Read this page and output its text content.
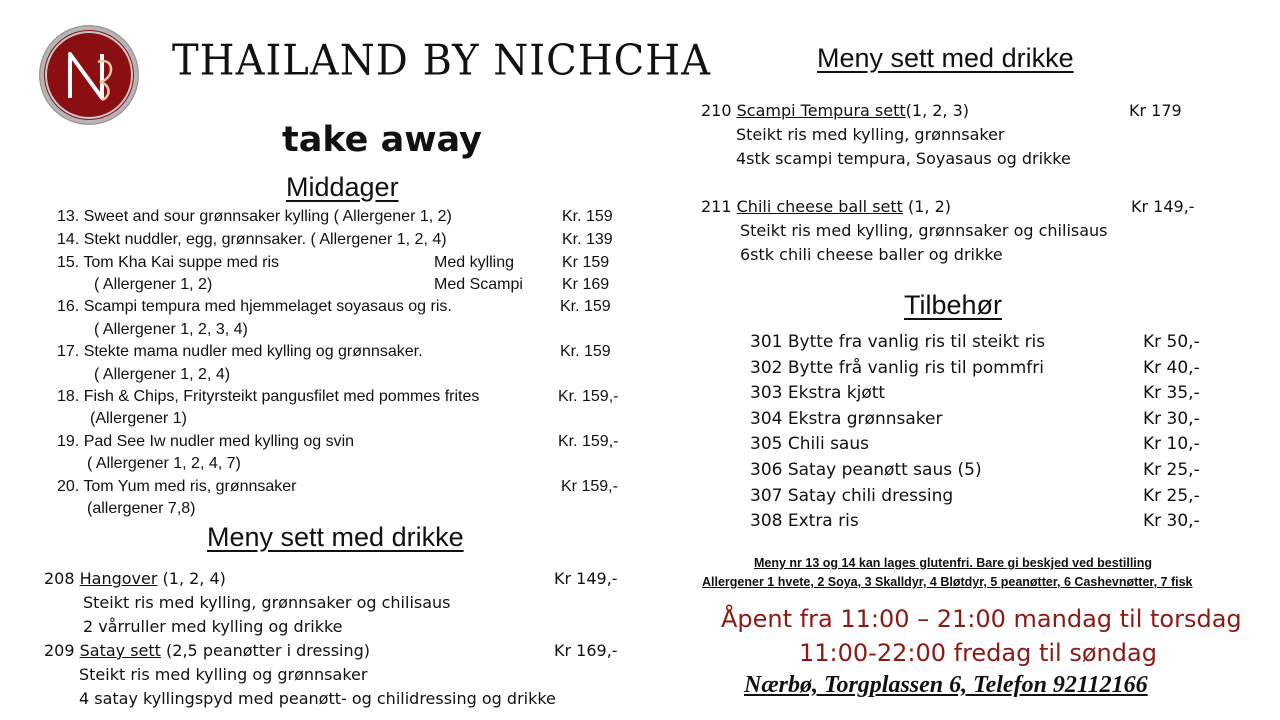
THAILAND BY NICHCHA
take away
Middager
13. Sweet and sour grønnsaker kylling ( Allergener 1, 2)	Kr. 159
14. Stekt nuddler, egg, grønnsaker. ( Allergener 1, 2, 4)	Kr. 139
15. Tom Kha Kai suppe med ris	Med kylling	Kr 159
( Allergener 1, 2)	Med Scampi Kr 169
16. Scampi tempura med hjemmelaget soyasaus og ris.	Kr. 159
( Allergener 1, 2, 3, 4)
17. Stekte mama nudler med kylling og grønnsaker.	Kr. 159
( Allergener 1, 2, 4)
18. Fish & Chips, Frityrsteikt pangusfilet med pommes frites	Kr. 159,-
(Allergener 1)
19. Pad See Iw nudler med kylling og svin	Kr. 159,-
( Allergener 1, 2, 4, 7)
20. Tom Yum med ris, grønnsaker	Kr 159,-
(allergener 7,8)
Meny sett med drikke
208 Hangover (1, 2, 4)	Kr 149,-
Steikt ris med kylling, grønnsaker og chilisaus
2 vårruller med kylling og drikke
209 Satay sett (2,5 peanøtter i dressing)	Kr 169,-
Steikt ris med kylling og grønnsaker
4 satay kyllingspyd med peanøtt- og chilidressing og drikke
Meny sett med drikke
210 Scampi Tempura sett(1, 2, 3)	Kr 179
Steikt ris med kylling, grønnsaker
4stk scampi tempura, Soyasaus og drikke
211 Chili cheese ball sett (1, 2)	Kr 149,-
Steikt ris med kylling, grønnsaker og chilisaus
6stk chili cheese baller og drikke
Tilbehør
301 Bytte fra vanlig ris til steikt ris	Kr 50,-
302 Bytte frå vanlig ris til pommfri	Kr 40,-
303 Ekstra kjøtt	Kr 35,-
304 Ekstra grønnsaker	Kr 30,-
305 Chili saus	Kr 10,-
306 Satay peanøtt saus (5)	Kr 25,-
307 Satay chili dressing	Kr 25,-
308 Extra ris	Kr 30,-
Meny nr 13 og 14 kan lages glutenfri. Bare gi beskjed ved bestilling
Allergener 1 hvete, 2 Soya, 3 Skalldyr, 4 Bløtdyr, 5 peanøtter, 6 Cashevnøtter, 7 fisk
Åpent fra 11:00 – 21:00 mandag til torsdag
11:00-22:00 fredag til søndag
Nærbø, Torgplassen 6, Telefon 92112166
